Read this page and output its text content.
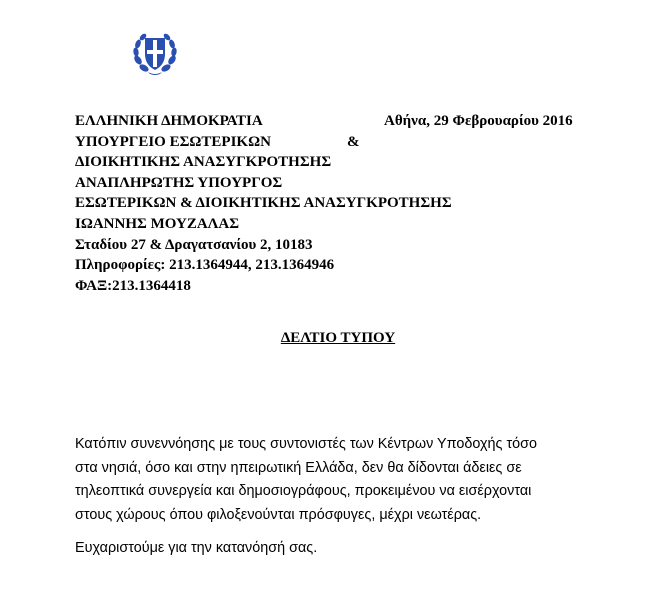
ΕΛΛΗΝΙΚΗ ΔΗΜΟΚΡΑΤΙΑ
ΥΠΟΥΡΓΕΙΟ ΕΣΩΤΕΡΙΚΩΝ	&
ΔΙΟΙΚΗΤΙΚΗΣ ΑΝΑΣΥΓΚΡΟΤΗΣΗΣ
ΑΝΑΠΛΗΡΩΤΗΣ ΥΠΟΥΡΓΟΣ
ΕΣΩΤΕΡΙΚΩΝ & ΔΙΟΙΚΗΤΙΚΗΣ ΑΝΑΣΥΓΚΡΟΤΗΣΗΣ
ΙΩΑΝΝΗΣ ΜΟΥΖΑΛΑΣ
Σταδίου 27 & Δραγατσανίου 2, 10183
Πληροφορίες: 213.1364944, 213.1364946
ΦΑΞ:213.1364418
Αθήνα, 29 Φεβρουαρίου 2016
ΔΕΛΤΙΟ ΤΥΠΟΥ
Κατόπιν συνεννόησης με τους συντονιστές των Κέντρων Υποδοχής τόσο
στα νησιά, όσο και στην ηπειρωτική Ελλάδα, δεν θα δίδονται άδειες σε
τηλεοπτικά συνεργεία και δημοσιογράφους, προκειμένου να εισέρχονται
στους χώρους όπου φιλοξενούνται πρόσφυγες, μέχρι νεωτέρας.
Ευχαριστούμε για την κατανόησή σας.
